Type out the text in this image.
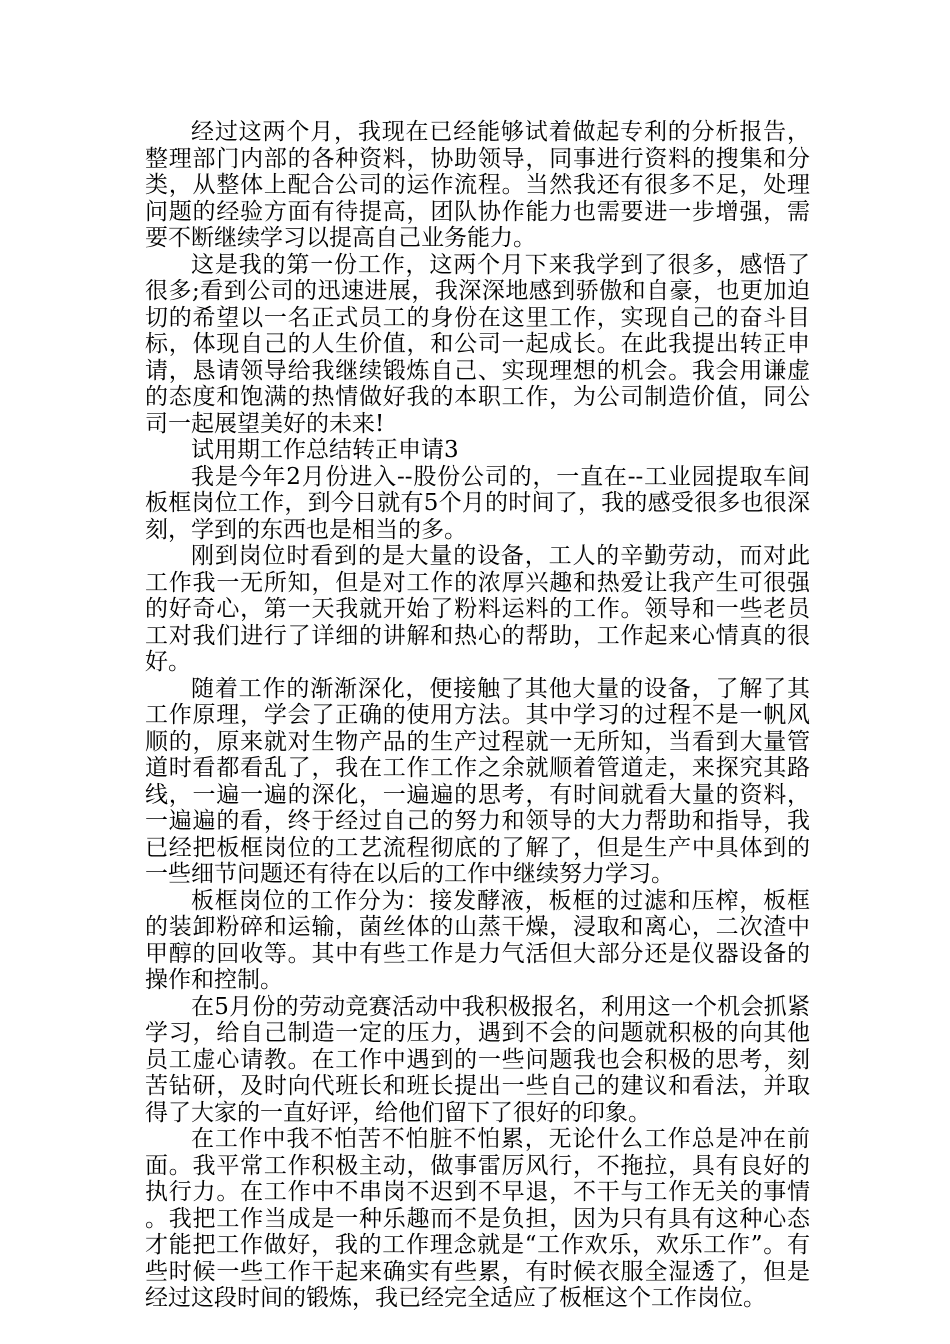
经过这两个月，我现在已经能够试着做起专利的分析报告，整理部门内部的各种资料，协助领导，同事进行资料的搜集和分类，从整体上配合公司的运作流程。当然我还有很多不足，处理问题的经验方面有待提高，团队协作能力也需要进一步增强，需要不断继续学习以提高自己业务能力。

这是我的第一份工作，这两个月下来我学到了很多，感悟了很多;看到公司的迅速进展，我深深地感到骄傲和自豪，也更加迫切的希望以一名正式员工的身份在这里工作，实现自己的奋斗目标，体现自己的人生价值，和公司一起成长。在此我提出转正申请，恳请领导给我继续锻炼自己、实现理想的机会。我会用谦虚的态度和饱满的热情做好我的本职工作，为公司制造价值，同公司一起展望美好的未来!

试用期工作总结转正申请3

我是今年2月份进入--股份公司的，一直在--工业园提取车间板框岗位工作，到今日就有5个月的时间了，我的感受很多也很深刻，学到的东西也是相当的多。

刚到岗位时看到的是大量的设备，工人的辛勤劳动，而对此工作我一无所知，但是对工作的浓厚兴趣和热爱让我产生可很强的好奇心，第一天我就开始了粉料运料的工作。领导和一些老员工对我们进行了详细的讲解和热心的帮助，工作起来心情真的很好。

随着工作的渐渐深化，便接触了其他大量的设备，了解了其工作原理，学会了正确的使用方法。其中学习的过程不是一帆风顺的，原来就对生物产品的生产过程就一无所知，当看到大量管道时看都看乱了，我在工作工作之余就顺着管道走，来探究其路线，一遍一遍的深化，一遍遍的思考，有时间就看大量的资料，一遍遍的看，终于经过自己的努力和领导的大力帮助和指导，我已经把板框岗位的工艺流程彻底的了解了，但是生产中具体到的一些细节问题还有待在以后的工作中继续努力学习。

板框岗位的工作分为：接发酵液，板框的过滤和压榨，板框的装卸粉碎和运输，菌丝体的山蒸干燥，浸取和离心，二次渣中甲醇的回收等。其中有些工作是力气活但大部分还是仪器设备的操作和控制。

在5月份的劳动竞赛活动中我积极报名，利用这一个机会抓紧学习，给自己制造一定的压力，遇到不会的问题就积极的向其他员工虚心请教。在工作中遇到的一些问题我也会积极的思考，刻苦钻研，及时向代班长和班长提出一些自己的建议和看法，并取得了大家的一直好评，给他们留下了很好的印象。

在工作中我不怕苦不怕脏不怕累，无论什么工作总是冲在前面。我平常工作积极主动，做事雷厉风行，不拖拉，具有良好的执行力。在工作中不串岗不迟到不早退，不干与工作无关的事情。我把工作当成是一种乐趣而不是负担，因为只有具有这种心态才能把工作做好，我的工作理念就是“工作欢乐，欢乐工作”。有些时候一些工作干起来确实有些累，有时候衣服全湿透了，但是经过这段时间的锻炼，我已经完全适应了板框这个工作岗位。
